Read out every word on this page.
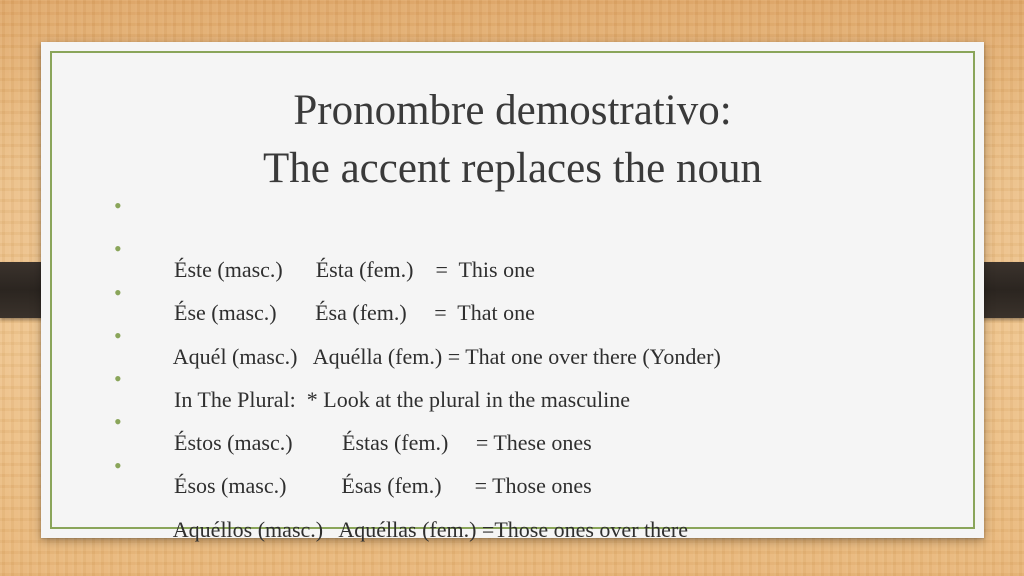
Pronombre demostrativo:
The accent replaces the noun

•

Éste (masc.)      Ésta (fem.)    =  This one

•

Ése (masc.)       Ésa (fem.)     =  That one

•

Aquél (masc.)   Aquélla (fem.) = That one over there (Yonder)

•

In The Plural:  * Look at the plural in the masculine

•

Éstos (masc.)         Éstas (fem.)     = These ones

•

Ésos (masc.)          Ésas (fem.)      = Those ones

•

Aquéllos (masc.)   Aquéllas (fem.) =Those ones over there
